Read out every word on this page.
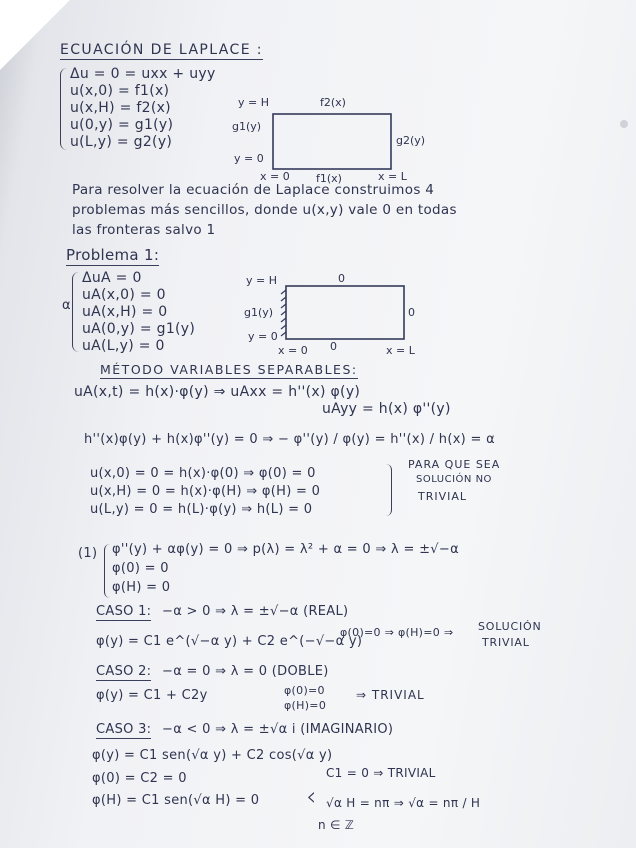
ECUACIÓN DE LAPLACE :
Δu = 0 = uxx + uyy
u(x,0) = f1(x)
u(x,H) = f2(x)
u(0,y) = g1(y)
u(L,y) = g2(y)
y = H	f2(x)
g1(y)
g2(y)
y = 0
x = 0 f1(x)	x = L
Para resolver la ecuación de Laplace construimos 4
problemas más sencillos, donde u(x,y) vale 0 en todas
las fronteras salvo 1
Problema 1:
α
ΔuA = 0
uA(x,0) = 0
uA(x,H) = 0
uA(0,y) = g1(y)
uA(L,y) = 0
y = H	0
g1(y)	0
y = 0
x = 0 0	x = L
MÉTODO VARIABLES SEPARABLES:
uA(x,t) = h(x)·φ(y) ⇒ uAxx = h''(x) φ(y)
uAyy = h(x) φ''(y)
h''(x)φ(y) + h(x)φ''(y) = 0 ⇒ − φ''(y) / φ(y) = h''(x) / h(x) = α
u(x,0) = 0 = h(x)·φ(0) ⇒ φ(0) = 0
u(x,H) = 0 = h(x)·φ(H) ⇒ φ(H) = 0
u(L,y) = 0 = h(L)·φ(y) ⇒ h(L) = 0
PARA QUE SEA
SOLUCIÓN NO
TRIVIAL
(1) φ''(y) + αφ(y) = 0 ⇒ p(λ) = λ² + α = 0 ⇒ λ = ±√−α
φ(0) = 0
φ(H) = 0
CASO 1: −α > 0 ⇒ λ = ±√−α (REAL)
φ(y) = C1 e^(√−α y) + C2 e^(−√−α y)
φ(0)=0 ⇒ φ(H)=0 ⇒ SOLUCIÓN
TRIVIAL
CASO 2: −α = 0 ⇒ λ = 0 (DOBLE)
φ(y) = C1 + C2y	φ(0)=0
φ(H)=0
⇒ TRIVIAL
CASO 3: −α < 0 ⇒ λ = ±√α i (IMAGINARIO)
φ(y) = C1 sen(√α y) + C2 cos(√α y)
φ(0) = C2 = 0
φ(H) = C1 sen(√α H) = 0 ‹
C1 = 0 ⇒ TRIVIAL
√α H = nπ ⇒ √α = nπ / H
n ∈ ℤ
